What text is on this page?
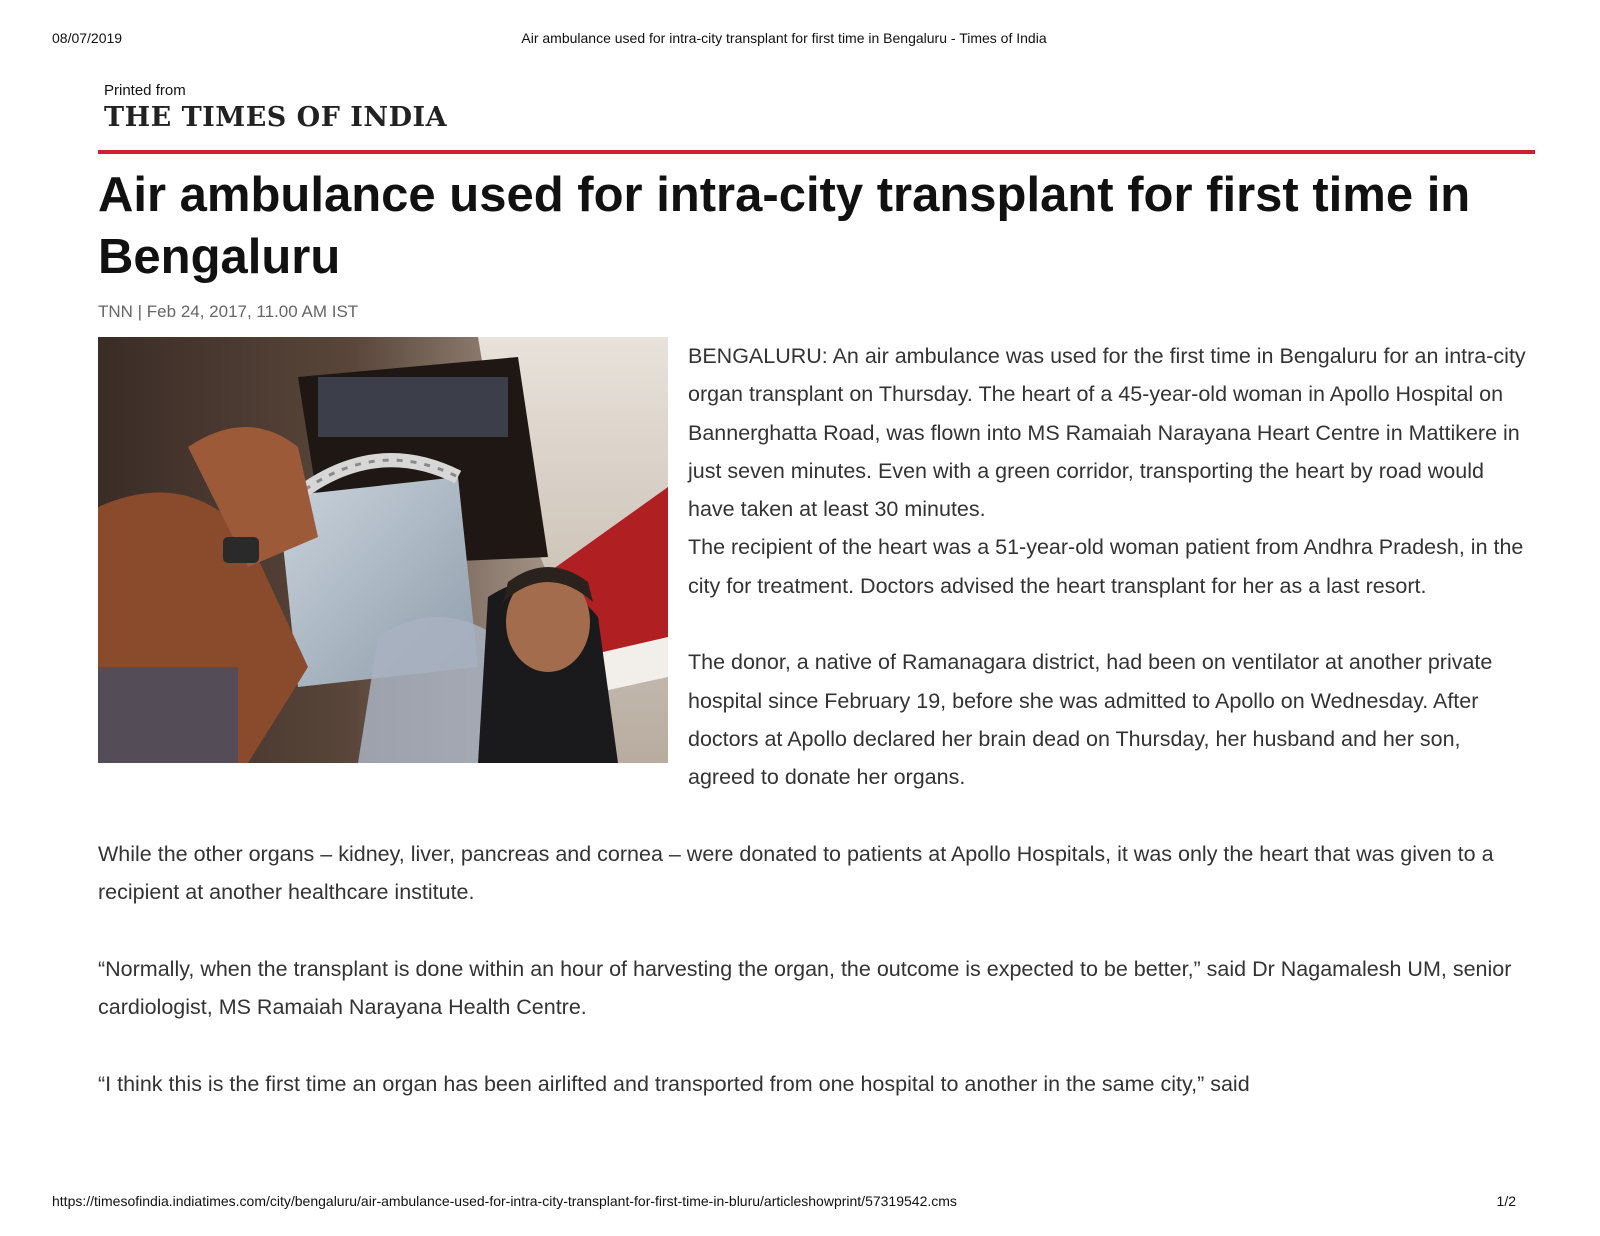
Air ambulance used for intra-city transplant for first time in Bengaluru - Times of India
08/07/2019
Printed from
THE TIMES OF INDIA
Air ambulance used for intra-city transplant for first time in Bengaluru
TNN | Feb 24, 2017, 11.00 AM IST

BENGALURU: An air ambulance was used for the first time in Bengaluru for an intra-city organ transplant on Thursday. The heart of a 45-year-old woman in Apollo Hospital on Bannerghatta Road, was flown into MS Ramaiah Narayana Heart Centre in Mattikere in just seven minutes. Even with a green corridor, transporting the heart by road would have taken at least 30 minutes.

The recipient of the heart was a 51-year-old woman patient from Andhra Pradesh, in the city for treatment. Doctors advised the heart transplant for her as a last resort.

The donor, a native of Ramanagara district, had been on ventilator at another private hospital since February 19, before she was admitted to Apollo on Wednesday. After doctors at Apollo declared her brain dead on Thursday, her husband and her son, agreed to donate her organs.

While the other organs – kidney, liver, pancreas and cornea – were donated to patients at Apollo Hospitals, it was only the heart that was given to a recipient at another healthcare institute.

“Normally, when the transplant is done within an hour of harvesting the organ, the outcome is expected to be better,” said Dr Nagamalesh UM, senior cardiologist, MS Ramaiah Narayana Health Centre.

“I think this is the first time an organ has been airlifted and transported from one hospital to another in the same city,” said

https://timesofindia.indiatimes.com/city/bengaluru/air-ambulance-used-for-intra-city-transplant-for-first-time-in-bluru/articleshowprint/57319542.cms	1/2
